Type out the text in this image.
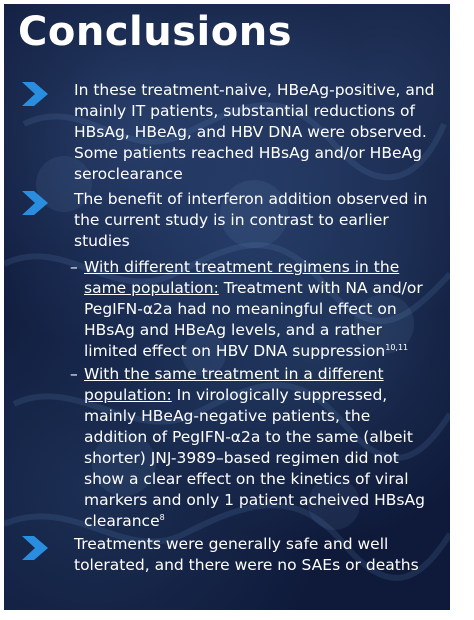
Conclusions
In these treatment-naive, HBeAg-positive, and mainly IT patients, substantial reductions of HBsAg, HBeAg, and HBV DNA were observed. Some patients reached HBsAg and/or HBeAg seroclearance
The benefit of interferon addition observed in the current study is in contrast to earlier studies
– With different treatment regimens in the same population: Treatment with NA and/or PegIFN-α2a had no meaningful effect on HBsAg and HBeAg levels, and a rather limited effect on HBV DNA suppression$^{10,11}$
– With the same treatment in a different population: In virologically suppressed, mainly HBeAg-negative patients, the addition of PegIFN-α2a to the same (albeit shorter) JNJ-3989–based regimen did not show a clear effect on the kinetics of viral markers and only 1 patient acheived HBsAg clearance$^8$
Treatments were generally safe and well tolerated, and there were no SAEs or deaths
